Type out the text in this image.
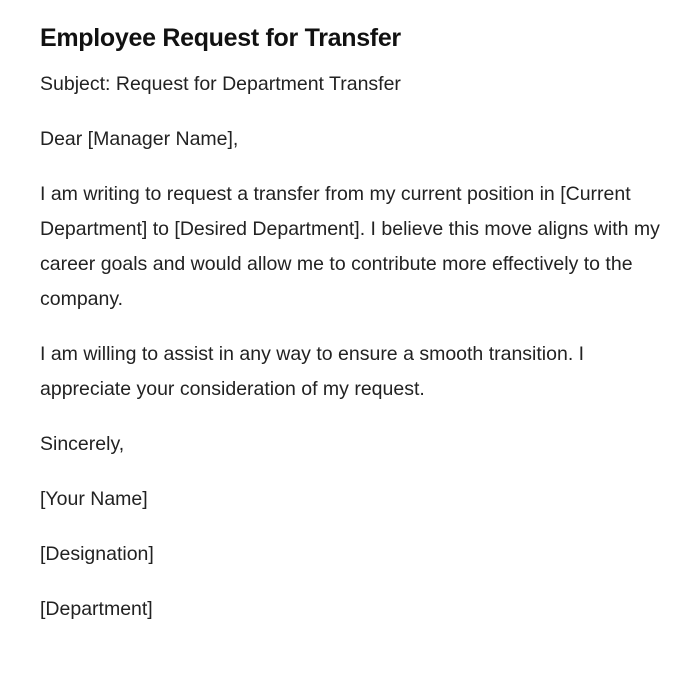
Employee Request for Transfer

Subject: Request for Department Transfer

Dear [Manager Name],

I am writing to request a transfer from my current position in [Current Department] to [Desired Department]. I believe this move aligns with my career goals and would allow me to contribute more effectively to the company.

I am willing to assist in any way to ensure a smooth transition. I appreciate your consideration of my request.

Sincerely,

[Your Name]

[Designation]

[Department]
